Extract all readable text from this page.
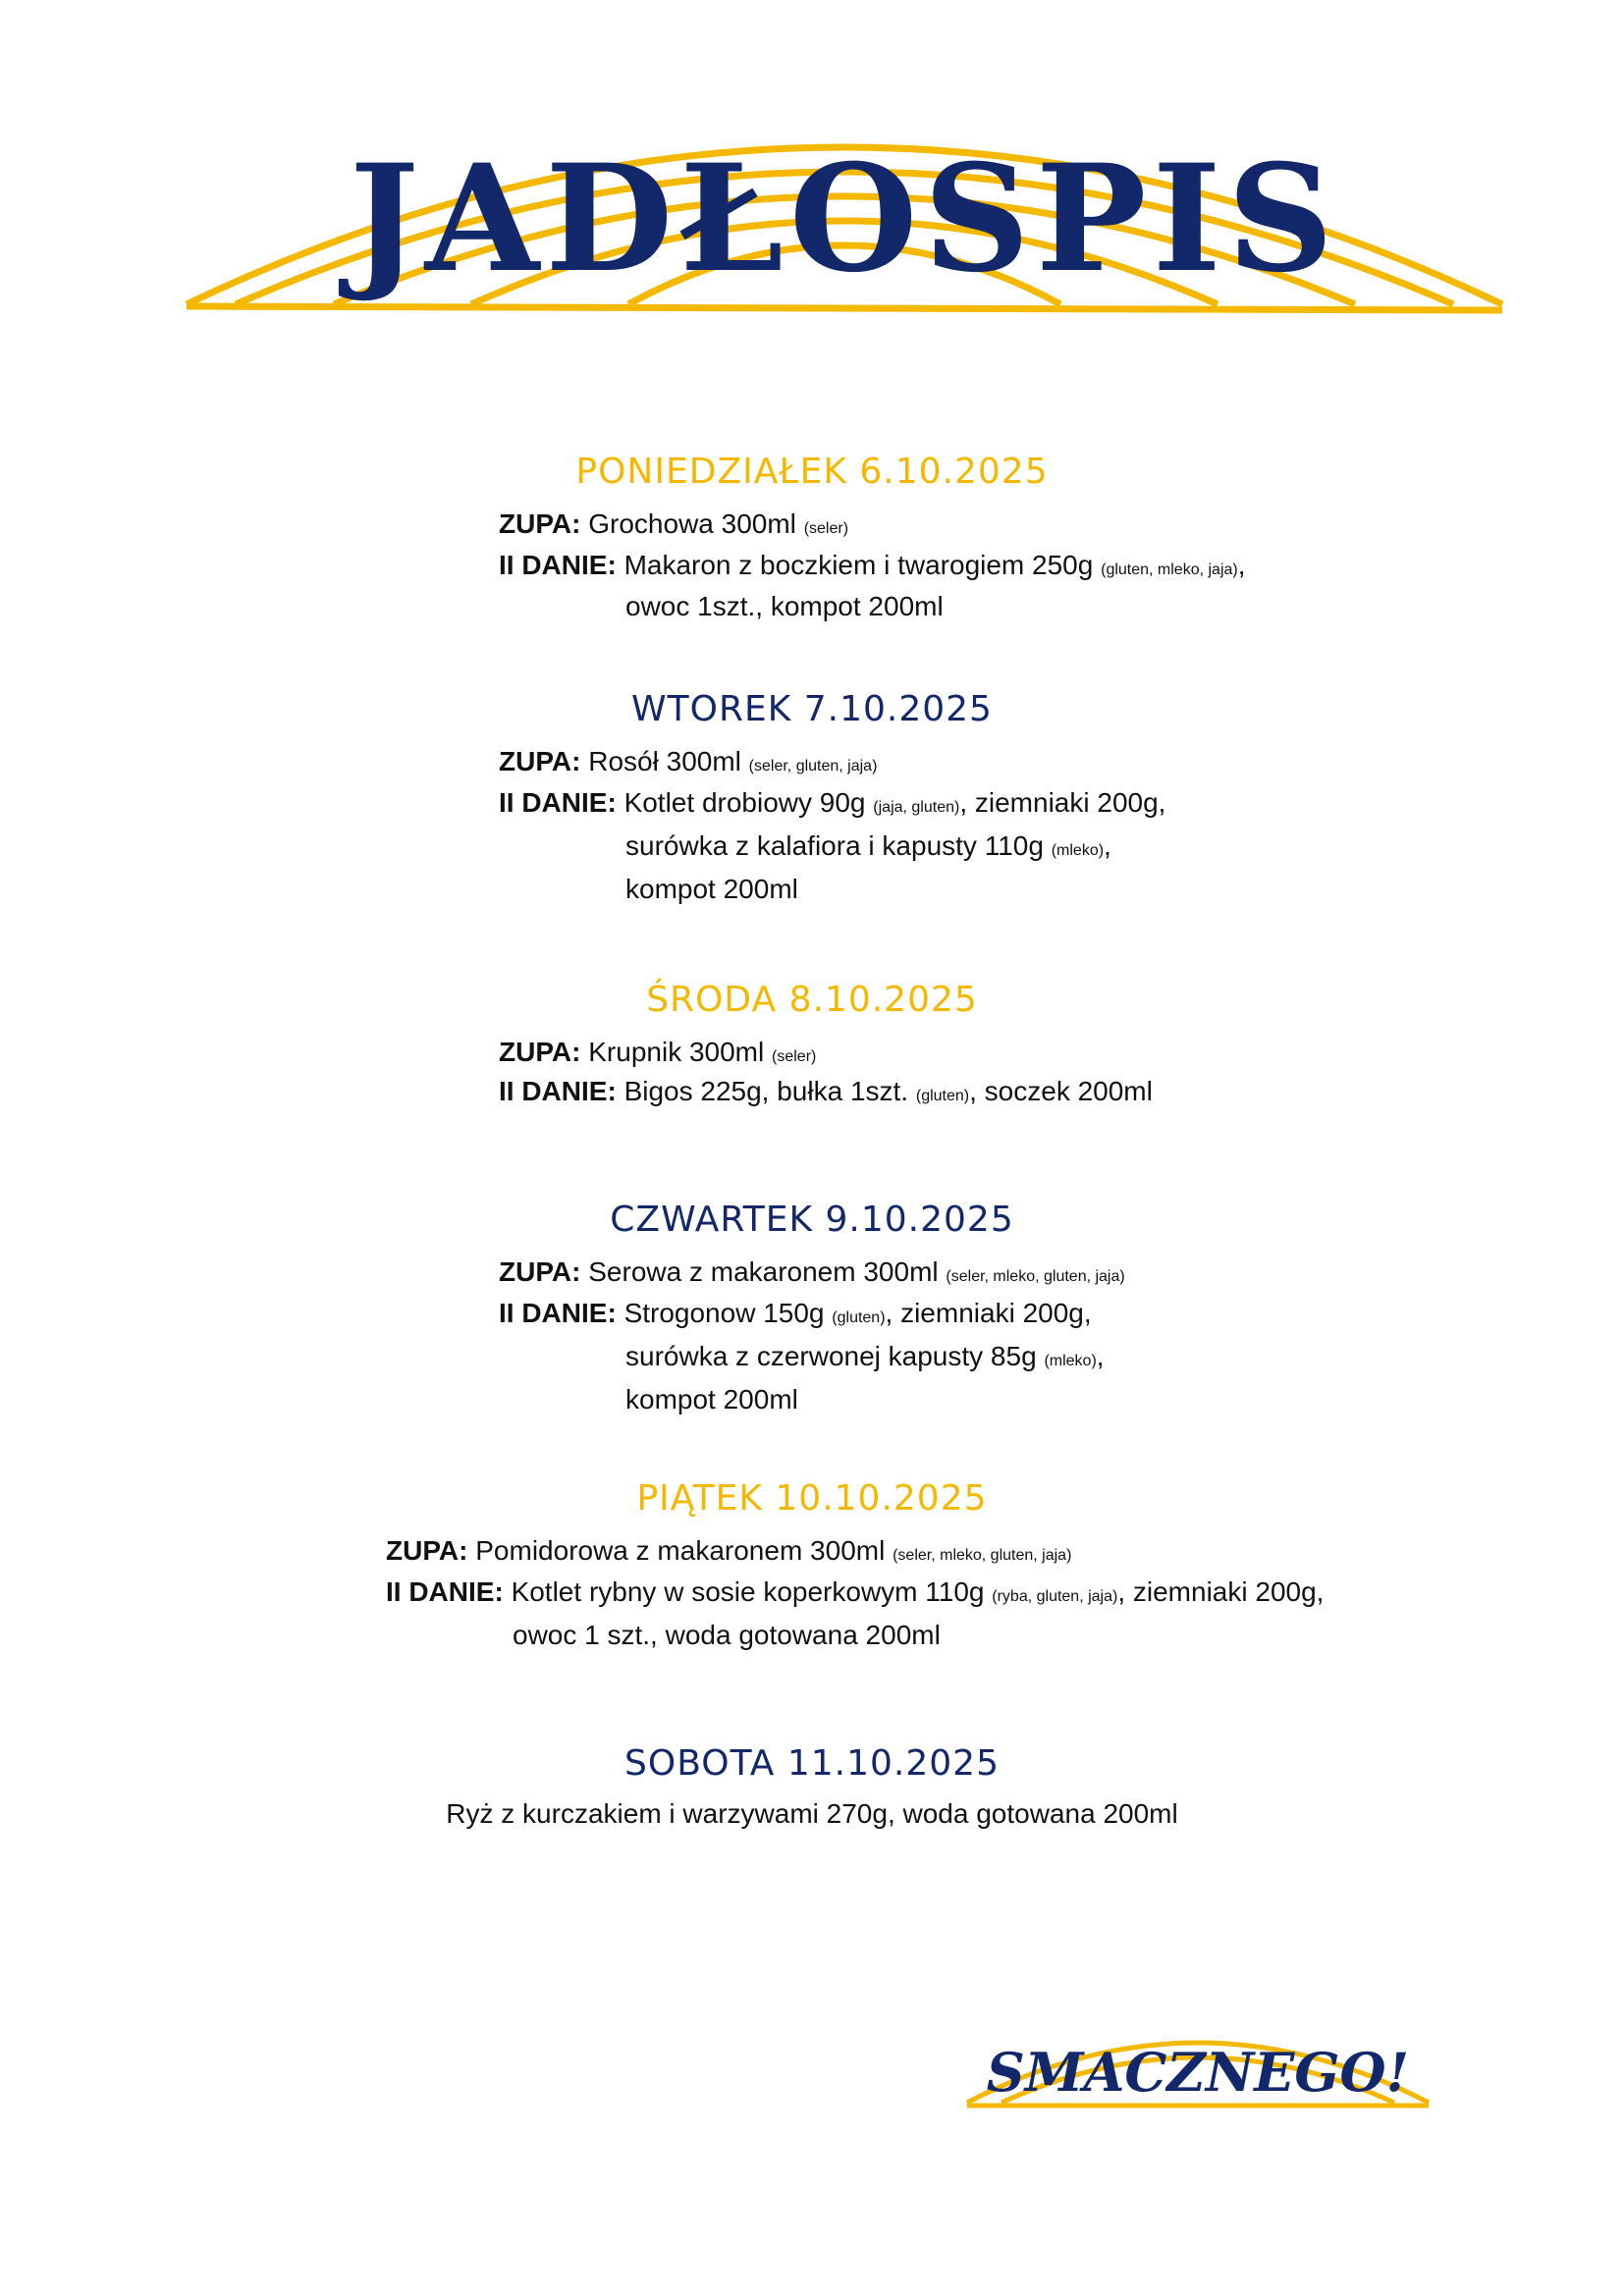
JADŁOSPIS
PONIEDZIAŁEK 6.10.2025
ZUPA: Grochowa 300ml (seler)
II DANIE: Makaron z boczkiem i twarogiem 250g (gluten, mleko, jaja),
owoc 1szt., kompot 200ml
WTOREK 7.10.2025
ZUPA: Rosół 300ml (seler, gluten, jaja)
II DANIE: Kotlet drobiowy 90g (jaja, gluten), ziemniaki 200g,
surówka z kalafiora i kapusty 110g (mleko),
kompot 200ml
ŚRODA 8.10.2025
ZUPA: Krupnik 300ml (seler)
II DANIE: Bigos 225g, bułka 1szt. (gluten), soczek 200ml
CZWARTEK 9.10.2025
ZUPA: Serowa z makaronem 300ml (seler, mleko, gluten, jaja)
II DANIE: Strogonow 150g (gluten), ziemniaki 200g,
surówka z czerwonej kapusty 85g (mleko),
kompot 200ml
PIĄTEK 10.10.2025
ZUPA: Pomidorowa z makaronem 300ml (seler, mleko, gluten, jaja)
II DANIE: Kotlet rybny w sosie koperkowym 110g (ryba, gluten, jaja), ziemniaki 200g,
owoc 1 szt., woda gotowana 200ml
SOBOTA 11.10.2025
Ryż z kurczakiem i warzywami 270g, woda gotowana 200ml
SMACZNEGO!
